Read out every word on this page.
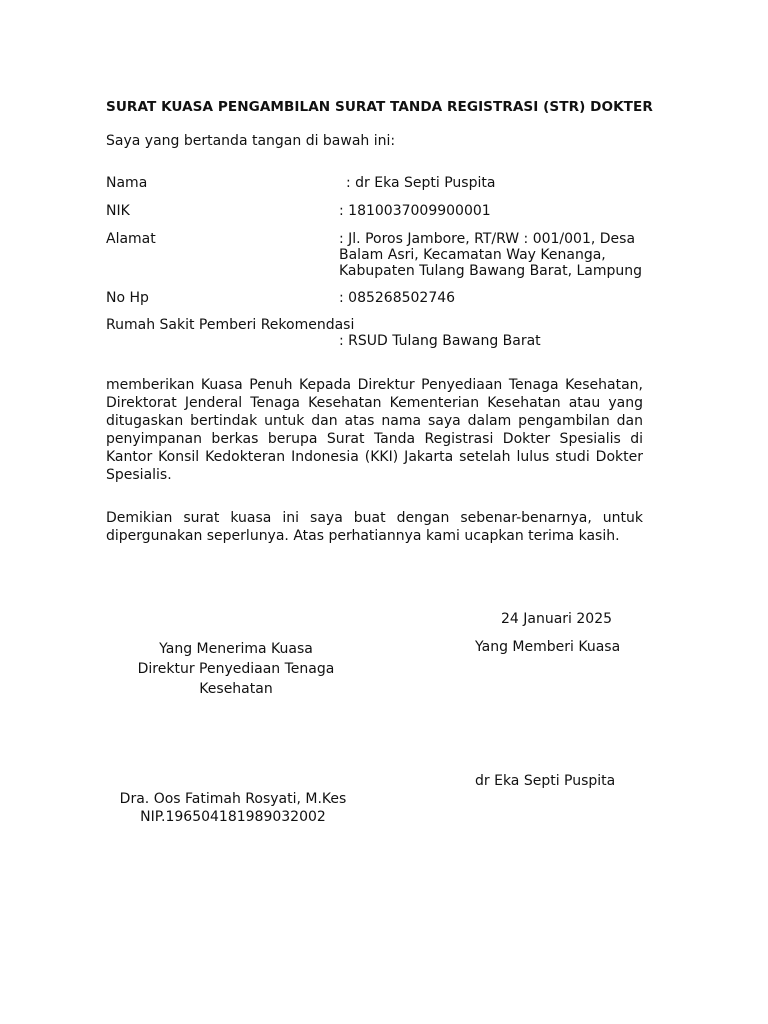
SURAT KUASA PENGAMBILAN SURAT TANDA REGISTRASI (STR) DOKTER
Saya yang bertanda tangan di bawah ini:
Nama	: dr Eka Septi Puspita
NIK	: 1810037009900001
Alamat	: Jl. Poros Jambore, RT/RW : 001/001, Desa Balam Asri, Kecamatan Way Kenanga, Kabupaten Tulang Bawang Barat, Lampung
No Hp	: 085268502746
Rumah Sakit Pemberi Rekomendasi
: RSUD Tulang Bawang Barat
memberikan Kuasa Penuh Kepada Direktur Penyediaan Tenaga Kesehatan, Direktorat Jenderal Tenaga Kesehatan Kementerian Kesehatan atau yang ditugaskan bertindak untuk dan atas nama saya dalam pengambilan dan penyimpanan berkas berupa Surat Tanda Registrasi Dokter Spesialis di Kantor Konsil Kedokteran Indonesia (KKI) Jakarta setelah lulus studi Dokter Spesialis.
Demikian surat kuasa ini saya buat dengan sebenar-benarnya, untuk dipergunakan seperlunya. Atas perhatiannya kami ucapkan terima kasih.
24 Januari 2025
Yang Menerima Kuasa
Direktur Penyediaan Tenaga Kesehatan
Yang Memberi Kuasa
dr Eka Septi Puspita
Dra. Oos Fatimah Rosyati, M.Kes
NIP.196504181989032002
